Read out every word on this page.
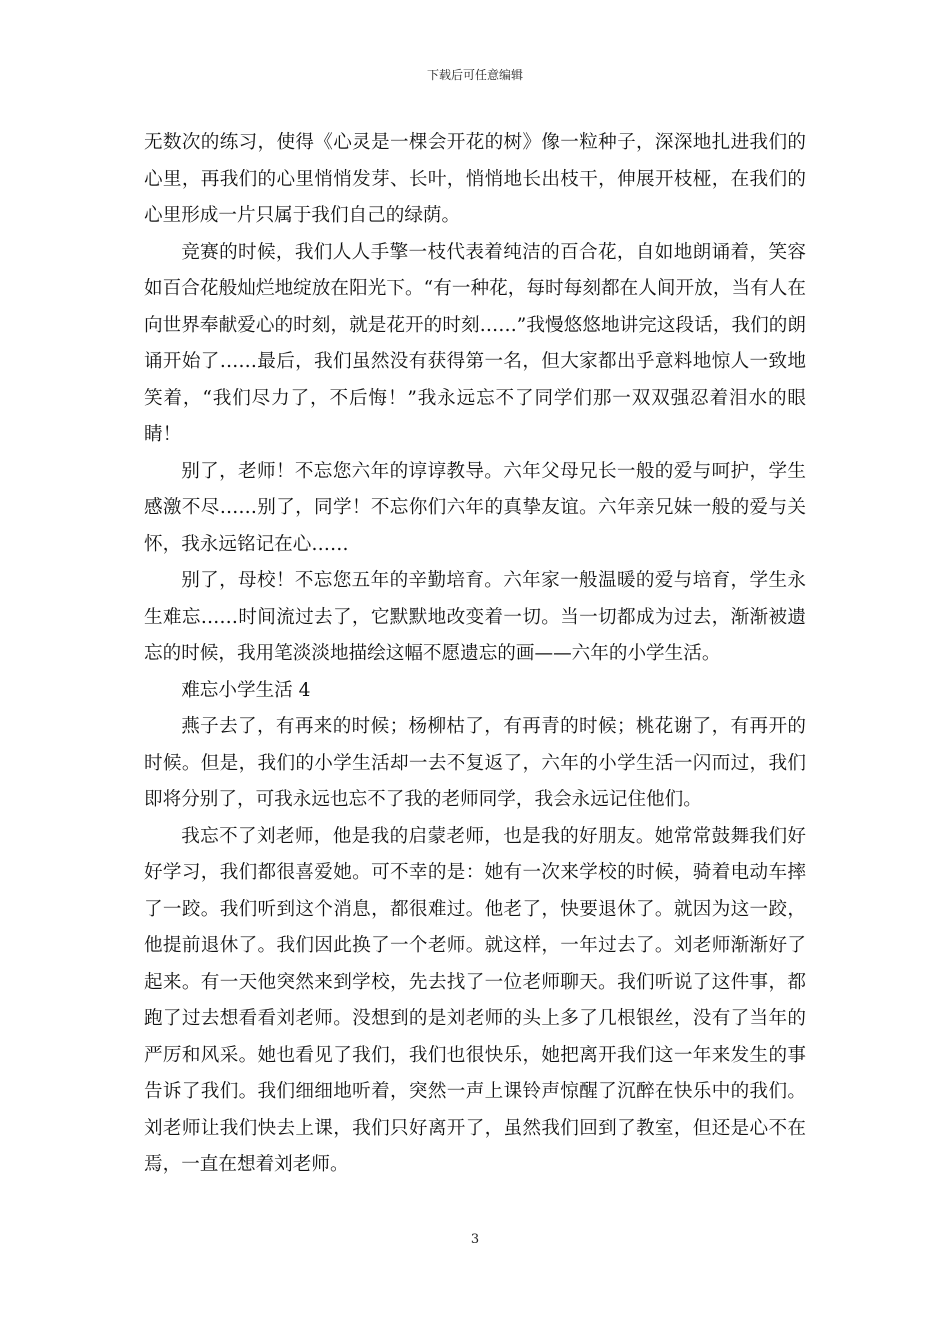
下载后可任意编辑

无数次的练习，使得《心灵是一棵会开花的树》像一粒种子，深深地扎进我们的心里，再我们的心里悄悄发芽、长叶，悄悄地长出枝干，伸展开枝桠，在我们的心里形成一片只属于我们自己的绿荫。

竞赛的时候，我们人人手擎一枝代表着纯洁的百合花，自如地朗诵着，笑容如百合花般灿烂地绽放在阳光下。“有一种花，每时每刻都在人间开放，当有人在向世界奉献爱心的时刻，就是花开的时刻……”我慢悠悠地讲完这段话，我们的朗诵开始了……最后，我们虽然没有获得第一名，但大家都出乎意料地惊人一致地笑着，“我们尽力了，不后悔！”我永远忘不了同学们那一双双强忍着泪水的眼睛！

别了，老师！不忘您六年的谆谆教导。六年父母兄长一般的爱与呵护，学生感激不尽……别了，同学！不忘你们六年的真挚友谊。六年亲兄妹一般的爱与关怀，我永远铭记在心……

别了，母校！不忘您五年的辛勤培育。六年家一般温暖的爱与培育，学生永生难忘……时间流过去了，它默默地改变着一切。当一切都成为过去，渐渐被遗忘的时候，我用笔淡淡地描绘这幅不愿遗忘的画——六年的小学生活。

难忘小学生活 4

燕子去了，有再来的时候；杨柳枯了，有再青的时候；桃花谢了，有再开的时候。但是，我们的小学生活却一去不复返了，六年的小学生活一闪而过，我们即将分别了，可我永远也忘不了我的老师同学，我会永远记住他们。

我忘不了刘老师，他是我的启蒙老师，也是我的好朋友。她常常鼓舞我们好好学习，我们都很喜爱她。可不幸的是：她有一次来学校的时候，骑着电动车摔了一跤。我们听到这个消息，都很难过。他老了，快要退休了。就因为这一跤，他提前退休了。我们因此换了一个老师。就这样，一年过去了。刘老师渐渐好了起来。有一天他突然来到学校，先去找了一位老师聊天。我们听说了这件事，都跑了过去想看看刘老师。没想到的是刘老师的头上多了几根银丝，没有了当年的严厉和风采。她也看见了我们，我们也很快乐，她把离开我们这一年来发生的事告诉了我们。我们细细地听着，突然一声上课铃声惊醒了沉醉在快乐中的我们。刘老师让我们快去上课，我们只好离开了，虽然我们回到了教室，但还是心不在焉，一直在想着刘老师。

3
